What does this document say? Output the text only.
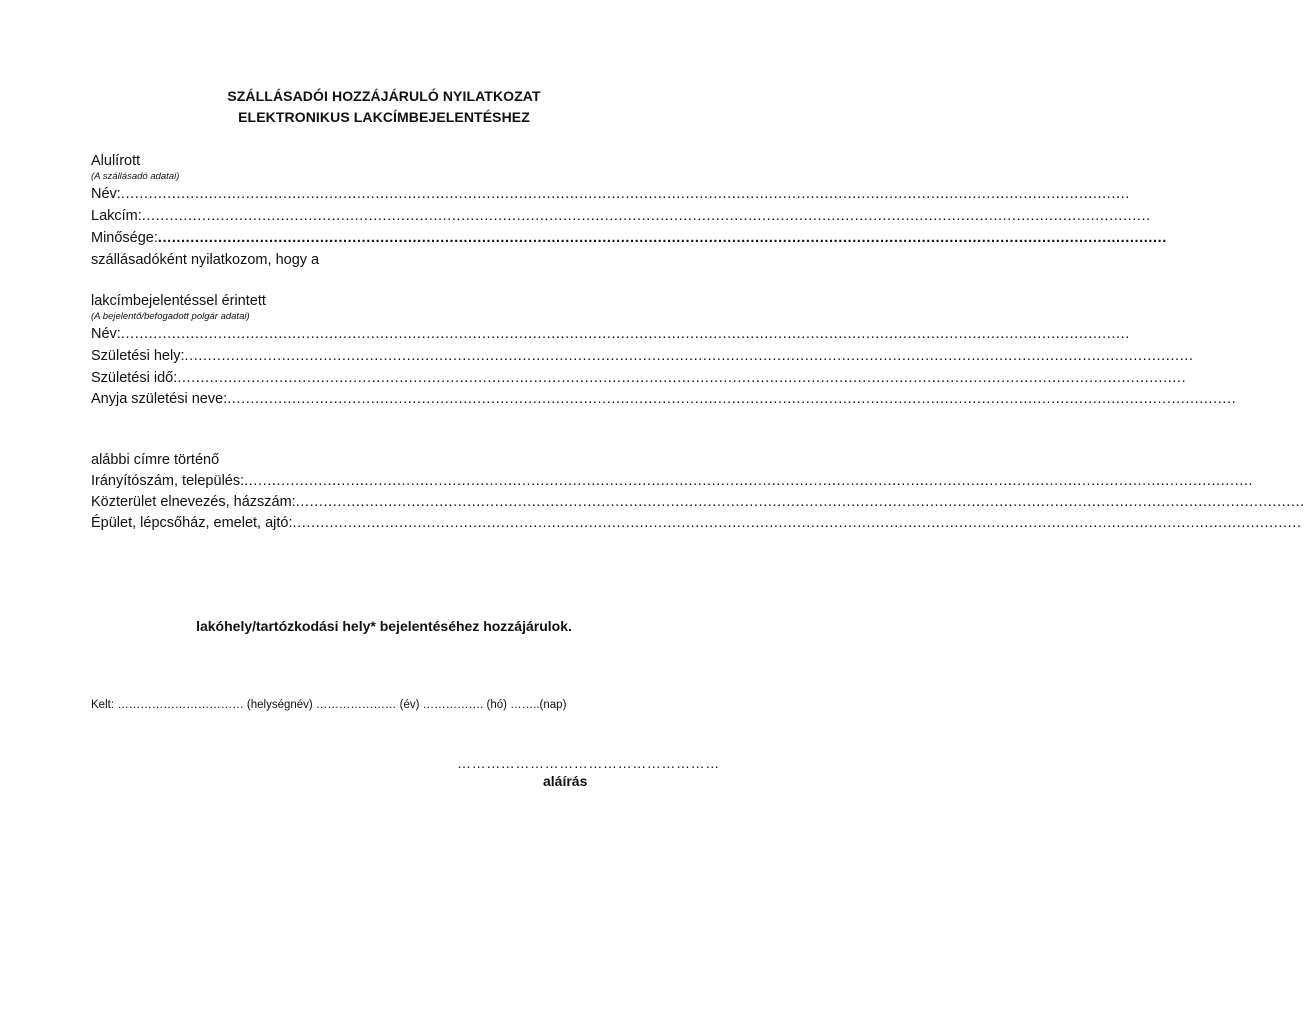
SZÁLLÁSADÓI HOZZÁJÁRULÓ NYILATKOZAT
ELEKTRONIKUS LAKCÍMBEJELENTÉSHEZ
Alulírott
(A szállásadó adatai)
Név:
.....
Lakcím:
.....
Minősége:
.....
szállásadóként nyilatkozom, hogy a
lakcímbejelentéssel érintett
(A bejelentő/befogadott polgár adatai)
Név:
.....
Születési hely:
.....
Születési idő:
.....
Anyja születési neve:
.....
alábbi címre történő
Irányítószám, település:
.....
Közterület elnevezés, házszám:
.....
Épület, lépcsőház, emelet, ajtó:
.....
lakóhely/tartózkodási hely* bejelentéséhez hozzájárulok.
Kelt: …………………………… (helységnév) ………………… (év) ……………. (hó) ……..(nap)
………………………………………………
aláírás
